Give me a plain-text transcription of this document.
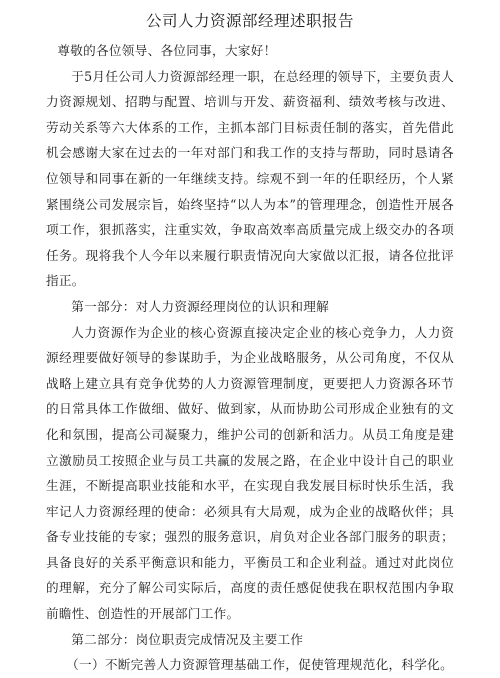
公司人力资源部经理述职报告

尊敬的各位领导、各位同事，大家好！

于5月任公司人力资源部经理一职，在总经理的领导下，主要负责人力资源规划、招聘与配置、培训与开发、薪资福利、绩效考核与改进、劳动关系等六大体系的工作，主抓本部门目标责任制的落实，首先借此机会感谢大家在过去的一年对部门和我工作的支持与帮助，同时恳请各位领导和同事在新的一年继续支持。综观不到一年的任职经历，个人紧紧围绕公司发展宗旨，始终坚持“以人为本”的管理理念，创造性开展各项工作，狠抓落实，注重实效，争取高效率高质量完成上级交办的各项任务。现将我个人今年以来履行职责情况向大家做以汇报，请各位批评指正。

第一部分：对人力资源经理岗位的认识和理解

人力资源作为企业的核心资源直接决定企业的核心竞争力，人力资源经理要做好领导的参谋助手，为企业战略服务，从公司角度，不仅从战略上建立具有竞争优势的人力资源管理制度，更要把人力资源各环节的日常具体工作做细、做好、做到家，从而协助公司形成企业独有的文化和氛围，提高公司凝聚力，维护公司的创新和活力。从员工角度是建立激励员工按照企业与员工共赢的发展之路，在企业中设计自己的职业生涯，不断提高职业技能和水平，在实现自我发展目标时快乐生活，我牢记人力资源经理的使命：必须具有大局观，成为企业的战略伙伴；具备专业技能的专家；强烈的服务意识，肩负对企业各部门服务的职责；具备良好的关系平衡意识和能力，平衡员工和企业利益。通过对此岗位的理解，充分了解公司实际后，高度的责任感促使我在职权范围内争取前瞻性、创造性的开展部门工作。

第二部分：岗位职责完成情况及主要工作

（一）不断完善人力资源管理基础工作，促使管理规范化，科学化。
